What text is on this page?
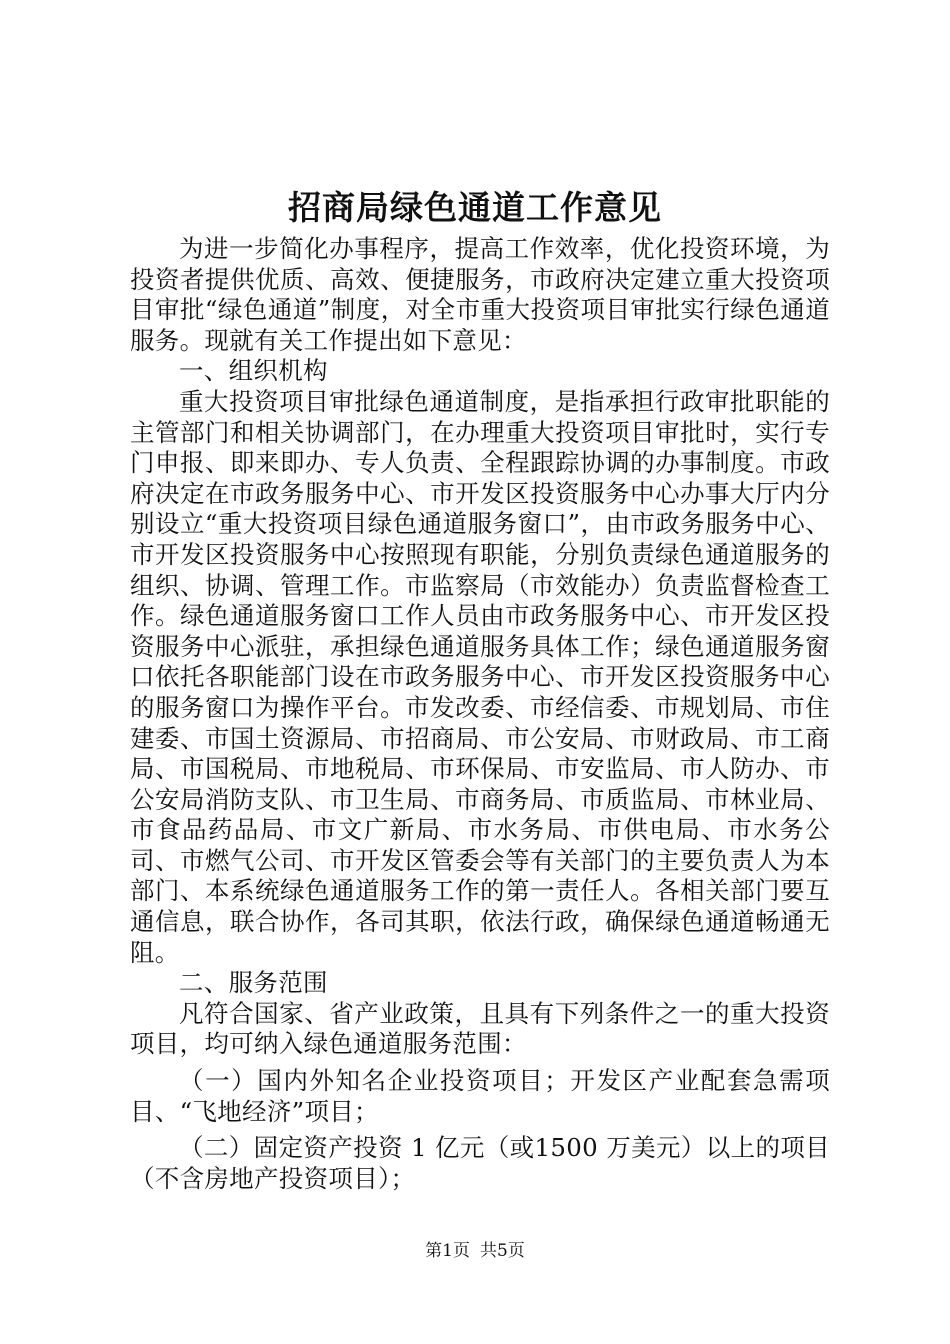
招商局绿色通道工作意见

为进一步简化办事程序，提高工作效率，优化投资环境，为投资者提供优质、高效、便捷服务，市政府决定建立重大投资项目审批“绿色通道”制度，对全市重大投资项目审批实行绿色通道服务。现就有关工作提出如下意见：

一、组织机构

重大投资项目审批绿色通道制度，是指承担行政审批职能的主管部门和相关协调部门，在办理重大投资项目审批时，实行专门申报、即来即办、专人负责、全程跟踪协调的办事制度。市政府决定在市政务服务中心、市开发区投资服务中心办事大厅内分别设立“重大投资项目绿色通道服务窗口”，由市政务服务中心、市开发区投资服务中心按照现有职能，分别负责绿色通道服务的组织、协调、管理工作。市监察局（市效能办）负责监督检查工作。绿色通道服务窗口工作人员由市政务服务中心、市开发区投资服务中心派驻，承担绿色通道服务具体工作；绿色通道服务窗口依托各职能部门设在市政务服务中心、市开发区投资服务中心的服务窗口为操作平台。市发改委、市经信委、市规划局、市住建委、市国土资源局、市招商局、市公安局、市财政局、市工商局、市国税局、市地税局、市环保局、市安监局、市人防办、市公安局消防支队、市卫生局、市商务局、市质监局、市林业局、市食品药品局、市文广新局、市水务局、市供电局、市水务公司、市燃气公司、市开发区管委会等有关部门的主要负责人为本部门、本系统绿色通道服务工作的第一责任人。各相关部门要互通信息，联合协作，各司其职，依法行政，确保绿色通道畅通无阻。

二、服务范围

凡符合国家、省产业政策，且具有下列条件之一的重大投资项目，均可纳入绿色通道服务范围：

（一）国内外知名企业投资项目；开发区产业配套急需项目、“飞地经济”项目；

（二）固定资产投资 1 亿元（或1500 万美元）以上的项目（不含房地产投资项目）；

第1页 共5页
